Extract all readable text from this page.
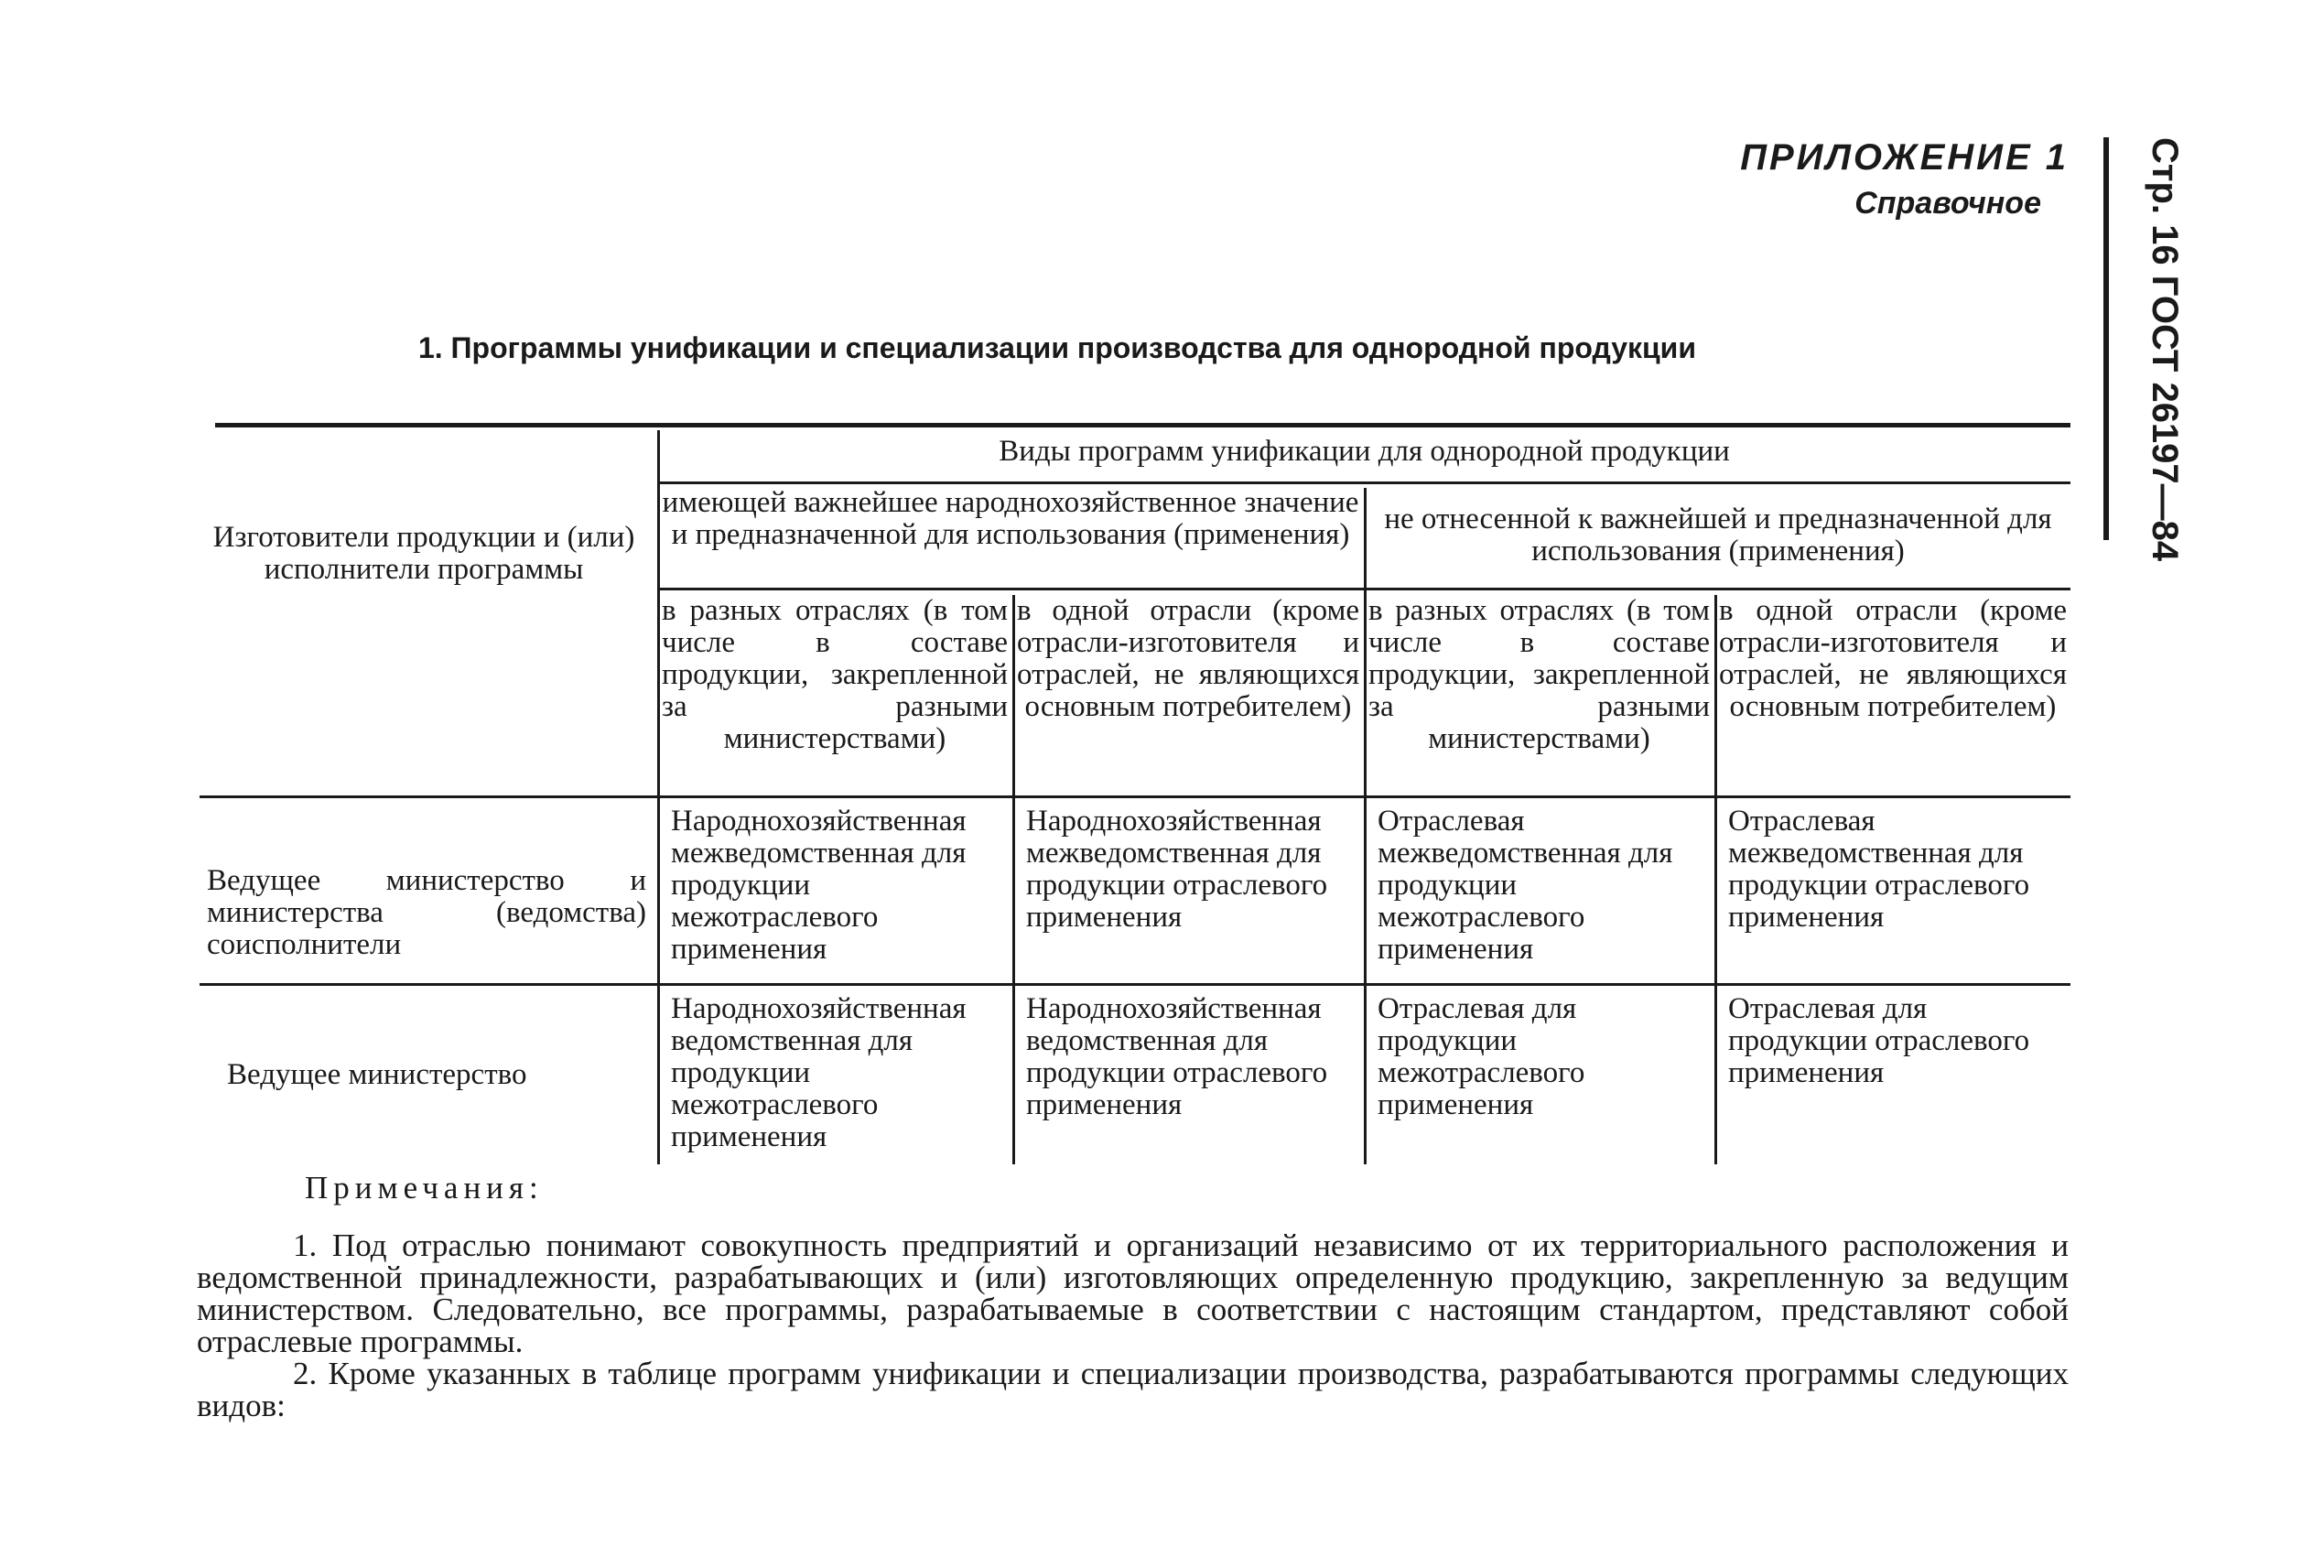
ПРИЛОЖЕНИЕ 1
Справочное	Стр. 16 ГОСТ 26197—84
1. Программы унификации и специализации производства для однородной продукции
Изготовители продукции и (или) исполнители программы
Виды программ унификации для однородной продукции
имеющей важнейшее народнохозяйственное значение и предназначенной для использования (применения)	не отнесенной к важнейшей и предназначенной для использования (применения)
в разных отраслях (в том числе в составе продукции, закрепленной за разными министерствами)
в одной отрасли (кроме отрасли-изготовителя и отраслей, не являющихся основным потребителем)
в разных отраслях (в том числе в составе продукции, закрепленной за разными министерствами)
в одной отрасли (кроме отрасли-изготовителя и отраслей, не являющихся основным потребителем)
Ведущее министерство и министерства (ведомства) соисполнители
Народнохозяйственная межведомственная для продукции межотраслевого применения
Народнохозяйственная межведомственная для продукции отраслевого применения
Отраслевая межведомственная для продукции межотраслевого применения
Отраслевая межведомственная для продукции отраслевого применения
Ведущее министерство
Народнохозяйственная ведомственная для продукции межотраслевого применения
Народнохозяйственная ведомственная для продукции отраслевого применения
Отраслевая для продукции межотраслевого применения
Отраслевая для продукции отраслевого применения
Примечания:

1. Под отраслью понимают совокупность предприятий и организаций независимо от их территориального расположения и ведомственной принадлежности, разрабатывающих и (или) изготовляющих определенную продукцию, закрепленную за ведущим министерством. Следовательно, все программы, разрабатываемые в соответствии с настоящим стандартом, представляют собой отраслевые программы.

2. Кроме указанных в таблице программ унификации и специализации производства, разрабатываются программы следующих видов:
